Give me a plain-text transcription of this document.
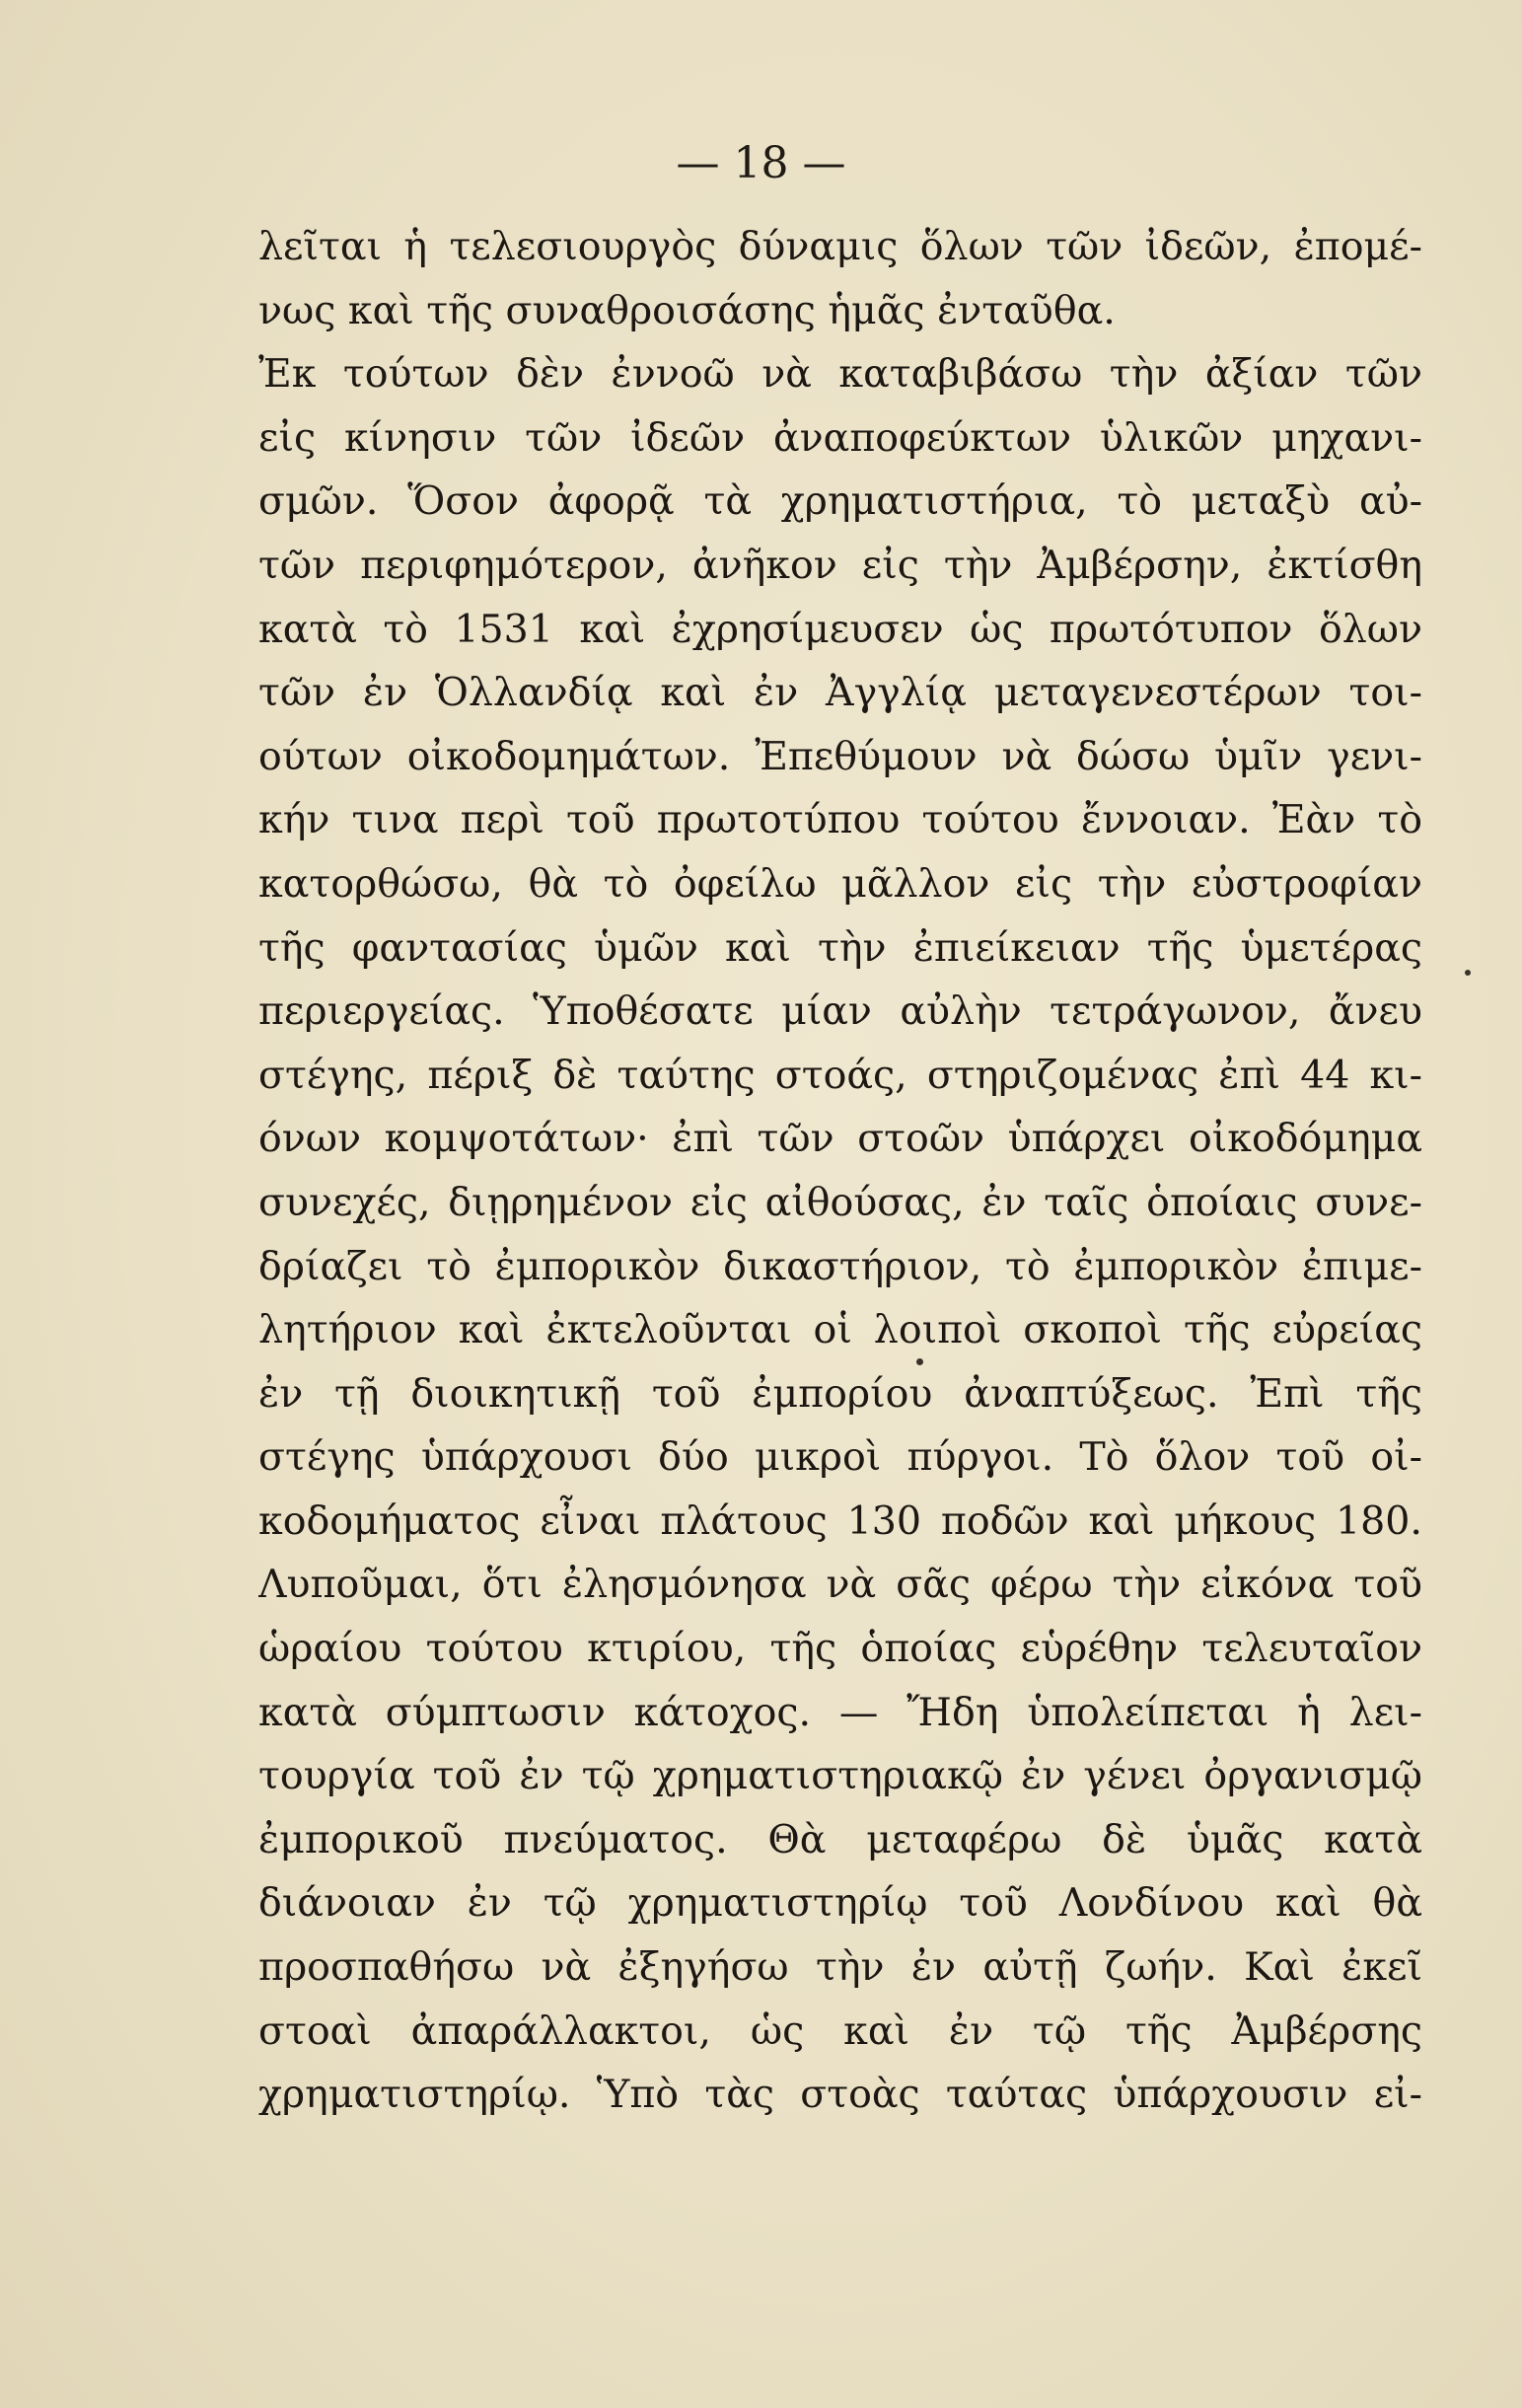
— 18 —
λεῖται ἡ τελεσιουργὸς δύναμις ὅλων τῶν ἰδεῶν, ἐπομέ-
νως καὶ τῆς συναθροισάσης ἡμᾶς ἐνταῦθα.
Ἐκ τούτων δὲν ἐννοῶ νὰ καταβιβάσω τὴν ἀξίαν τῶν
εἰς κίνησιν τῶν ἰδεῶν ἀναποφεύκτων ὑλικῶν μηχανι-
σμῶν. Ὅσον ἀφορᾷ τὰ χρηματιστήρια, τὸ μεταξὺ αὐ-
τῶν περιφημότερον, ἀνῆκον εἰς τὴν Ἀμβέρσην, ἐκτίσθη
κατὰ τὸ 1531 καὶ ἐχρησίμευσεν ὡς πρωτότυπον ὅλων
τῶν ἐν Ὁλλανδίᾳ καὶ ἐν Ἀγγλίᾳ μεταγενεστέρων τοι-
ούτων οἰκοδομημάτων. Ἐπεθύμουν νὰ δώσω ὑμῖν γενι-
κήν τινα περὶ τοῦ πρωτοτύπου τούτου ἔννοιαν. Ἐὰν τὸ
κατορθώσω, θὰ τὸ ὀφείλω μᾶλλον εἰς τὴν εὐστροφίαν
τῆς φαντασίας ὑμῶν καὶ τὴν ἐπιείκειαν τῆς ὑμετέρας
περιεργείας. Ὑποθέσατε μίαν αὐλὴν τετράγωνον, ἄνευ
στέγης, πέριξ δὲ ταύτης στοάς, στηριζομένας ἐπὶ 44 κι-
όνων κομψοτάτων· ἐπὶ τῶν στοῶν ὑπάρχει οἰκοδόμημα
συνεχές, διῃρημένον εἰς αἰθούσας, ἐν ταῖς ὁποίαις συνε-
δρίαζει τὸ ἐμπορικὸν δικαστήριον, τὸ ἐμπορικὸν ἐπιμε-
λητήριον καὶ ἐκτελοῦνται οἱ λοιποὶ σκοποὶ τῆς εὐρείας
ἐν τῇ διοικητικῇ τοῦ ἐμπορίου ἀναπτύξεως. Ἐπὶ τῆς
στέγης ὑπάρχουσι δύο μικροὶ πύργοι. Τὸ ὅλον τοῦ οἰ-
κοδομήματος εἶναι πλάτους 130 ποδῶν καὶ μήκους 180.
Λυποῦμαι, ὅτι ἐλησμόνησα νὰ σᾶς φέρω τὴν εἰκόνα τοῦ
ὡραίου τούτου κτιρίου, τῆς ὁποίας εὑρέθην τελευταῖον
κατὰ σύμπτωσιν κάτοχος. — Ἤδη ὑπολείπεται ἡ λει-
τουργία τοῦ ἐν τῷ χρηματιστηριακῷ ἐν γένει ὀργανισμῷ
ἐμπορικοῦ πνεύματος. Θὰ μεταφέρω δὲ ὑμᾶς κατὰ
διάνοιαν ἐν τῷ χρηματιστηρίῳ τοῦ Λονδίνου καὶ θὰ
προσπαθήσω νὰ ἐξηγήσω τὴν ἐν αὐτῇ ζωήν. Καὶ ἐκεῖ
στοαὶ ἀπαράλλακτοι, ὡς καὶ ἐν τῷ τῆς Ἀμβέρσης
χρηματιστηρίῳ. Ὑπὸ τὰς στοὰς ταύτας ὑπάρχουσιν εἰ-
